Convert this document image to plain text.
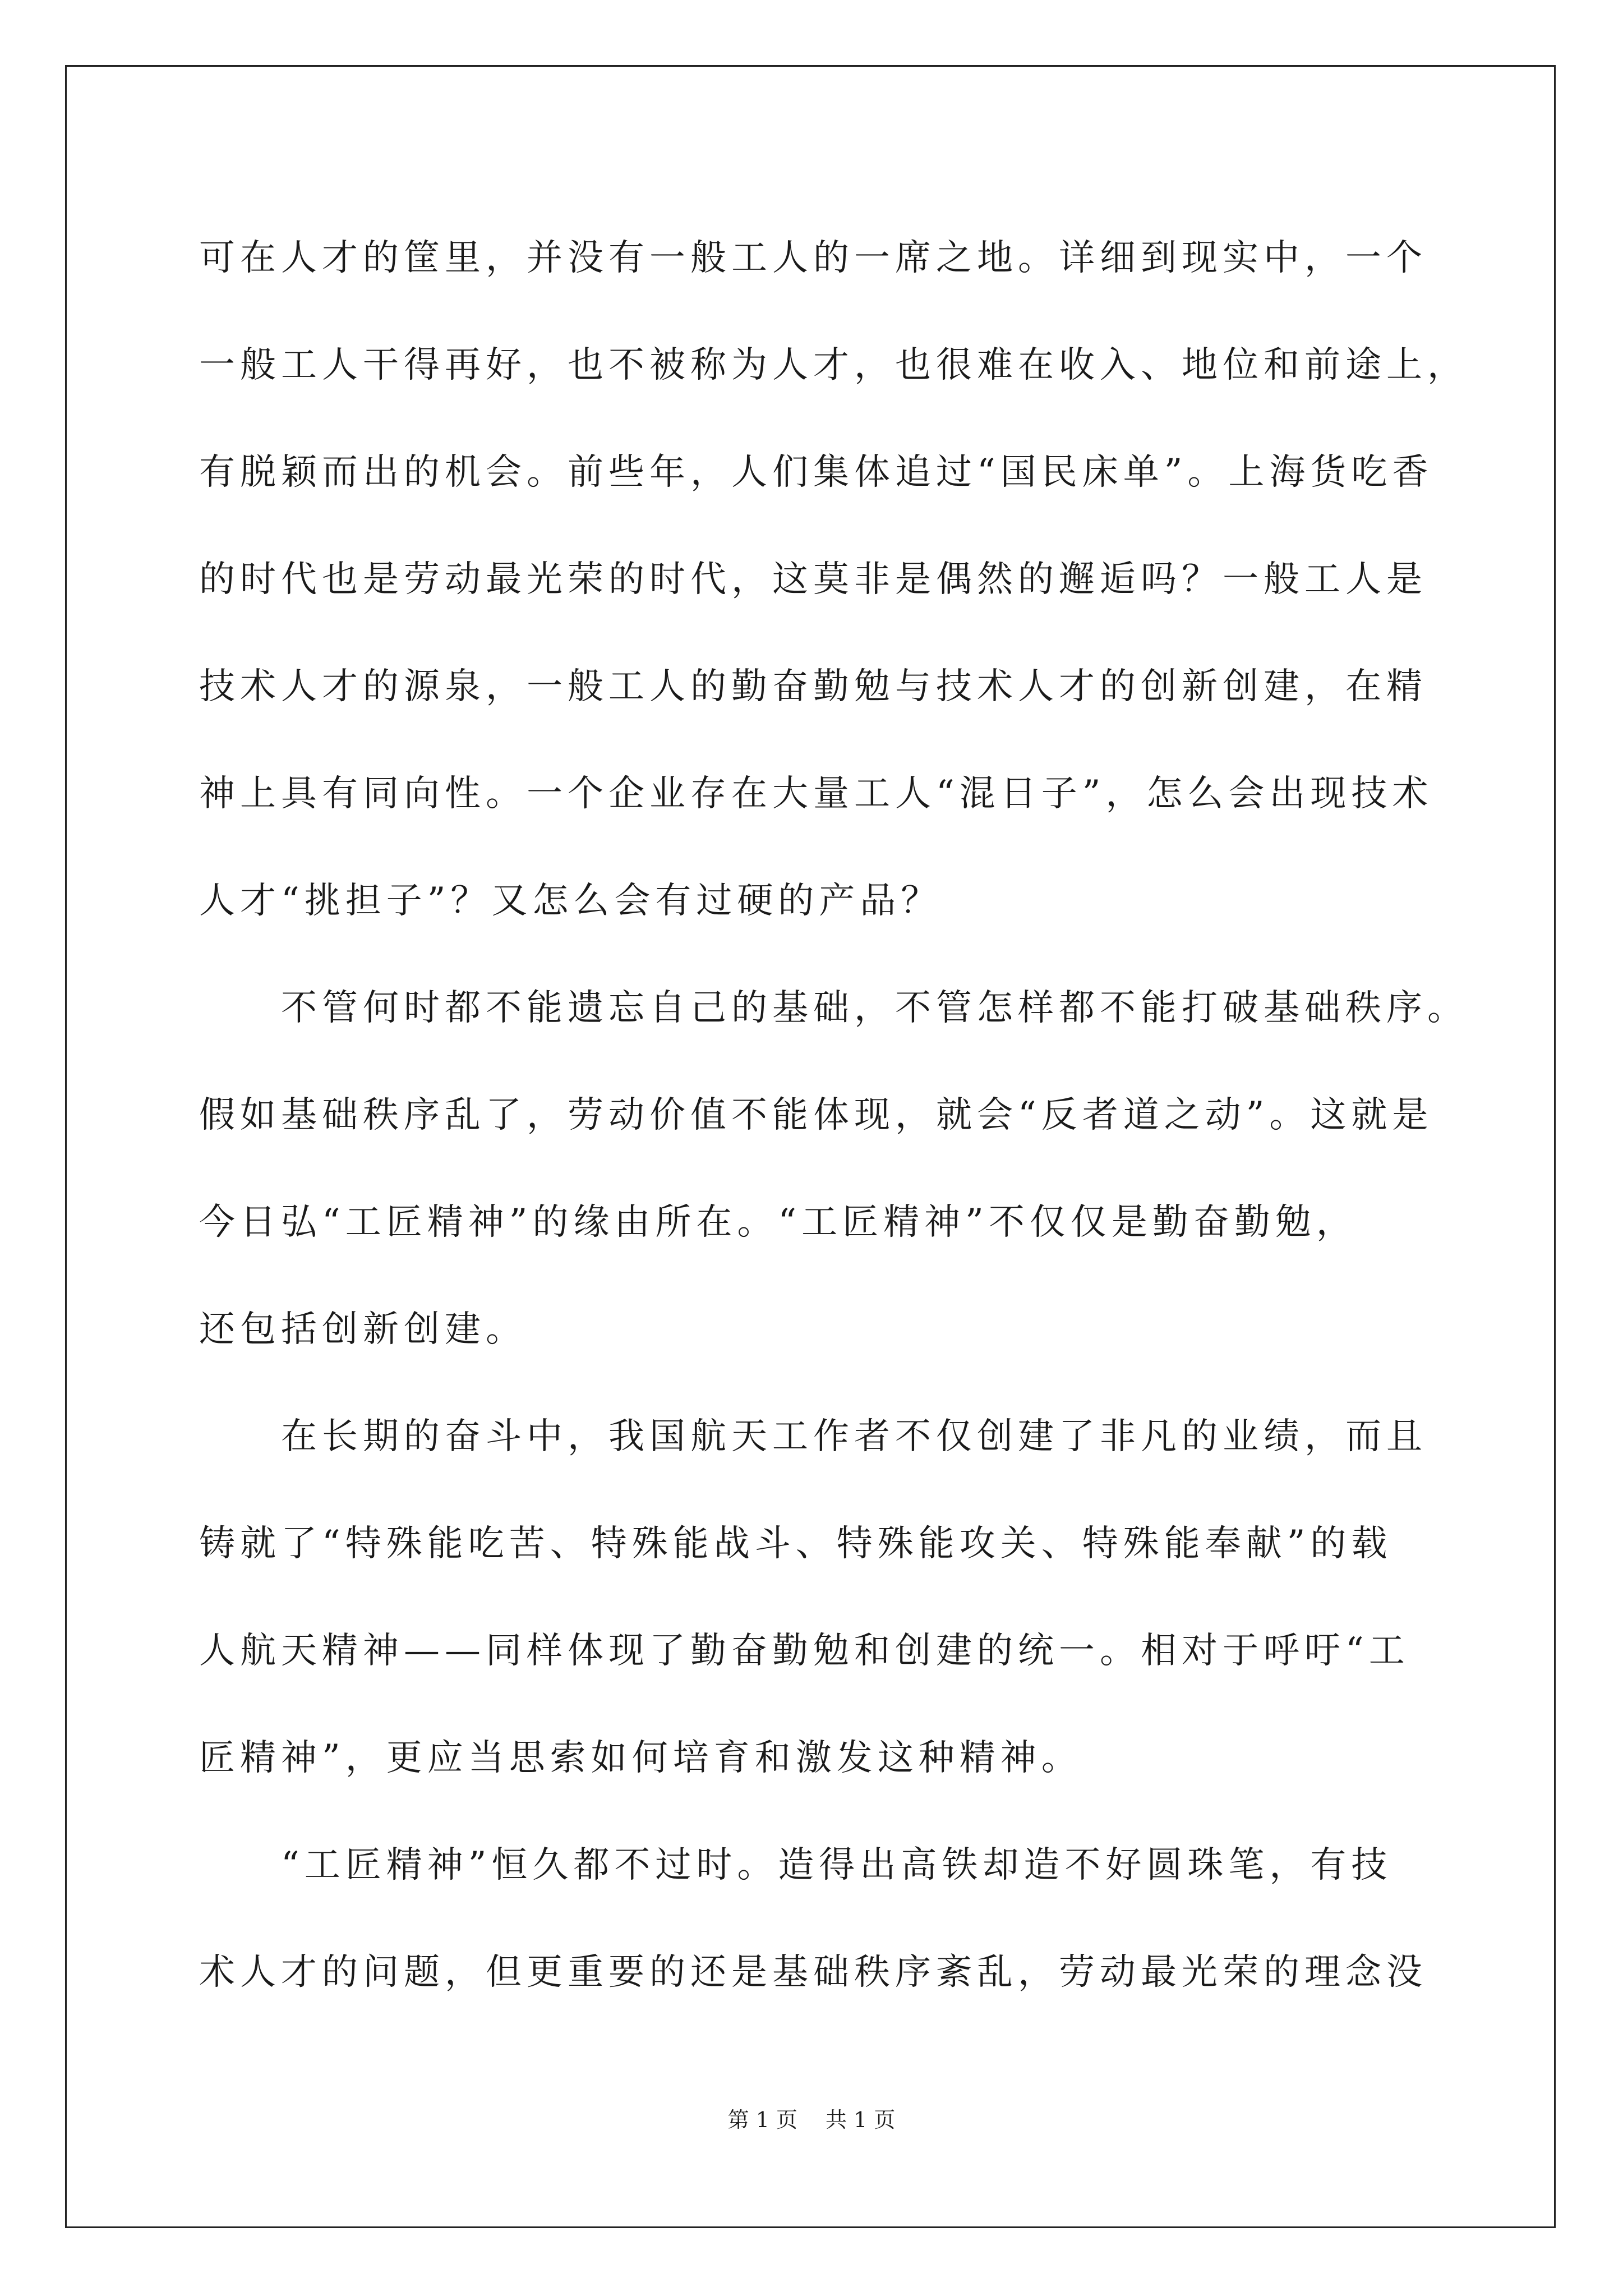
可在人才的筐里，并没有一般工人的一席之地。详细到现实中，一个
一般工人干得再好，也不被称为人才，也很难在收入、地位和前途上，
有脱颖而出的机会。前些年，人们集体追过“国民床单”。上海货吃香
的时代也是劳动最光荣的时代，这莫非是偶然的邂逅吗？一般工人是
技术人才的源泉，一般工人的勤奋勤勉与技术人才的创新创建，在精
神上具有同向性。一个企业存在大量工人“混日子”，怎么会出现技术
人才“挑担子”？又怎么会有过硬的产品？
不管何时都不能遗忘自己的基础，不管怎样都不能打破基础秩序。
假如基础秩序乱了，劳动价值不能体现，就会“反者道之动”。这就是
今日弘“工匠精神”的缘由所在。“工匠精神”不仅仅是勤奋勤勉，
还包括创新创建。
在长期的奋斗中，我国航天工作者不仅创建了非凡的业绩，而且
铸就了“特殊能吃苦、特殊能战斗、特殊能攻关、特殊能奉献”的载
人航天精神——同样体现了勤奋勤勉和创建的统一。相对于呼吁“工
匠精神”，更应当思索如何培育和激发这种精神。
“工匠精神”恒久都不过时。造得出高铁却造不好圆珠笔，有技
术人才的问题，但更重要的还是基础秩序紊乱，劳动最光荣的理念没
第 1 页 共 1 页
